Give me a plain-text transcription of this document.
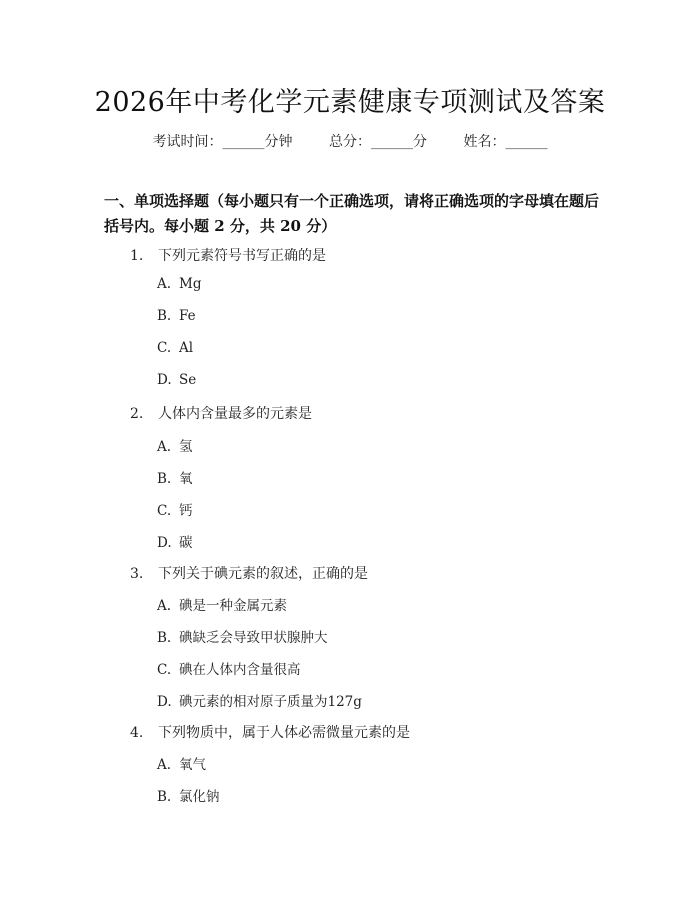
2026年中考化学元素健康专项测试及答案
考试时间：______分钟	总分：______分	姓名：______
一、单项选择题（每小题只有一个正确选项，请将正确选项的字母填在题后括号内。每小题 2 分，共 20 分）
1. 下列元素符号书写正确的是
A. Mg
B. Fe
C. Al
D. Se
2. 人体内含量最多的元素是
A. 氢
B. 氧
C. 钙
D. 碳
3. 下列关于碘元素的叙述，正确的是
A. 碘是一种金属元素
B. 碘缺乏会导致甲状腺肿大
C. 碘在人体内含量很高
D. 碘元素的相对原子质量为127g
4. 下列物质中，属于人体必需微量元素的是
A. 氧气
B. 氯化钠
